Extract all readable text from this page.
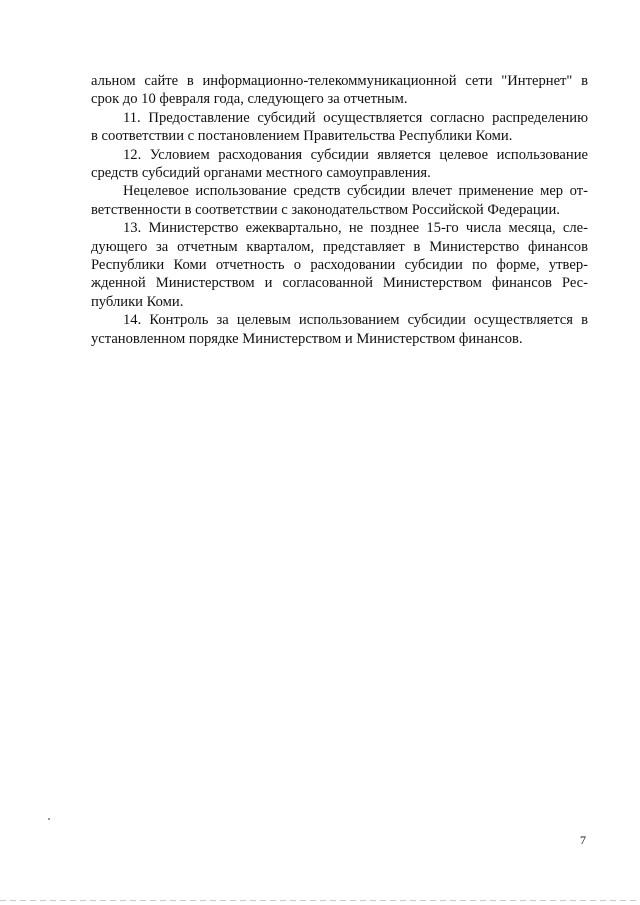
альном сайте в информационно-телекоммуникационной сети "Интернет" в
срок до 10 февраля года, следующего за отчетным.

11. Предоставление субсидий осуществляется согласно распределению
в соответствии с постановлением Правительства Республики Коми.

12. Условием расходования субсидии является целевое использование
средств субсидий органами местного самоуправления.

Нецелевое использование средств субсидии влечет применение мер от-
ветственности в соответствии с законодательством Российской Федерации.

13. Министерство ежеквартально, не позднее 15-го числа месяца, сле-
дующего за отчетным кварталом, представляет в Министерство финансов
Республики Коми отчетность о расходовании субсидии по форме, утвер-
жденной Министерством и согласованной Министерством финансов Рес-
публики Коми.

14. Контроль за целевым использованием субсидии осуществляется в
установленном порядке Министерством и Министерством финансов.

7
